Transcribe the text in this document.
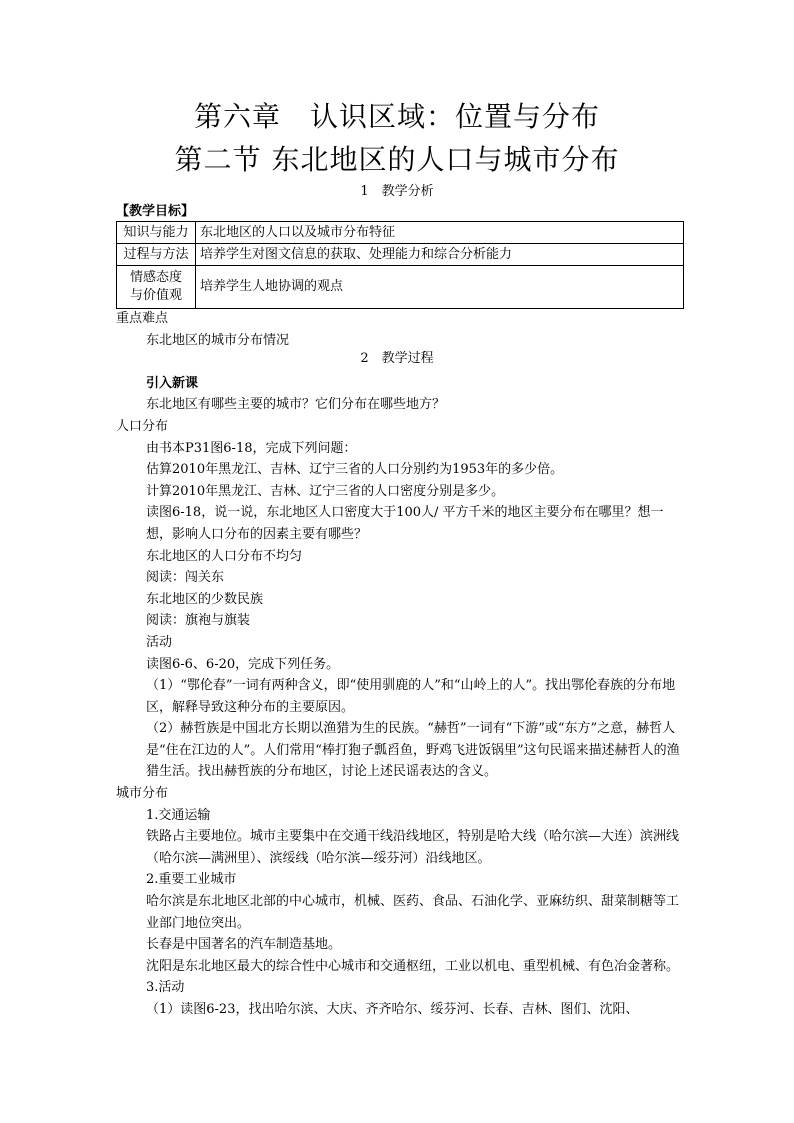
第六章　认识区域：位置与分布
第二节 东北地区的人口与城市分布
1　教学分析
【教学目标】
知识与能力	东北地区的人口以及城市分布特征
过程与方法	培养学生对图文信息的获取、处理能力和综合分析能力

情感态度
与价值观	培养学生人地协调的观点
2　教学过程

重点难点

东北地区的城市分布情况

引入新课

东北地区有哪些主要的城市？它们分布在哪些地方？

人口分布

由书本P31图6-18，完成下列问题：

估算2010年黑龙江、吉林、辽宁三省的人口分别约为1953年的多少倍。

计算2010年黑龙江、吉林、辽宁三省的人口密度分别是多少。

读图6-18，说一说，东北地区人口密度大于100人/ 平方千米的地区主要分布在哪里？想一想，影响人口分布的因素主要有哪些？

东北地区的人口分布不均匀

阅读：闯关东

东北地区的少数民族

阅读：旗袍与旗装

活动

读图6-6、6-20，完成下列任务。

（1）“鄂伦春”一词有两种含义，即“使用驯鹿的人”和“山岭上的人”。找出鄂伦春族的分布地区，解释导致这种分布的主要原因。

（2）赫哲族是中国北方长期以渔猎为生的民族。“赫哲”一词有“下游”或“东方”之意，赫哲人是“住在江边的人”。人们常用“棒打狍子瓢舀鱼，野鸡飞进饭锅里”这句民谣来描述赫哲人的渔猎生活。找出赫哲族的分布地区，讨论上述民谣表达的含义。

城市分布

1.交通运输

铁路占主要地位。城市主要集中在交通干线沿线地区，特别是哈大线（哈尔滨—大连）滨洲线（哈尔滨—满洲里）、滨绥线（哈尔滨—绥芬河）沿线地区。

2.重要工业城市

哈尔滨是东北地区北部的中心城市，机械、医药、食品、石油化学、亚麻纺织、甜菜制糖等工业部门地位突出。

长春是中国著名的汽车制造基地。

沈阳是东北地区最大的综合性中心城市和交通枢纽，工业以机电、重型机械、有色冶金著称。

3.活动

（1）读图6-23，找出哈尔滨、大庆、齐齐哈尔、绥芬河、长春、吉林、图们、沈阳、
